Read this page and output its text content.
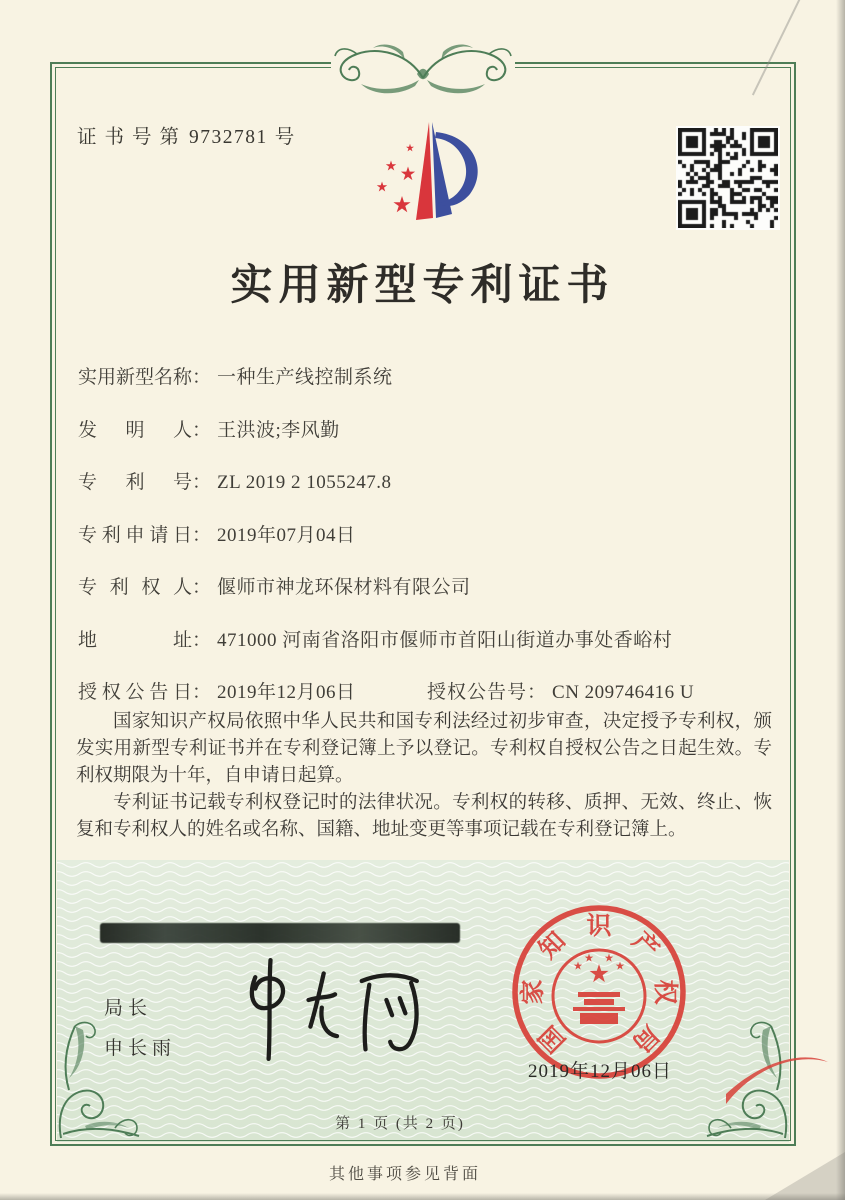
证书号第 9732781 号
实用新型专利证书
实用新型名称： 一种生产线控制系统
发明人： 王洪波;李风勤
专利号： ZL 2019 2 1055247.8
专利申请日： 2019年07月04日
专利权人： 偃师市神龙环保材料有限公司
地址： 471000 河南省洛阳市偃师市首阳山街道办事处香峪村
授权公告日： 2019年12月06日	授权公告号： CN 209746416 U

国家知识产权局依照中华人民共和国专利法经过初步审查，决定授予专利权，颁发实用新型专利证书并在专利登记簿上予以登记。专利权自授权公告之日起生效。专利权期限为十年，自申请日起算。

专利证书记载专利权登记时的法律状况。专利权的转移、质押、无效、终止、恢复和专利权人的姓名或名称、国籍、地址变更等事项记载在专利登记簿上。

局长
申长雨	国
家
知
识
产
权
局
2019年12月06日
第 1 页 (共 2 页)
其他事项参见背面
